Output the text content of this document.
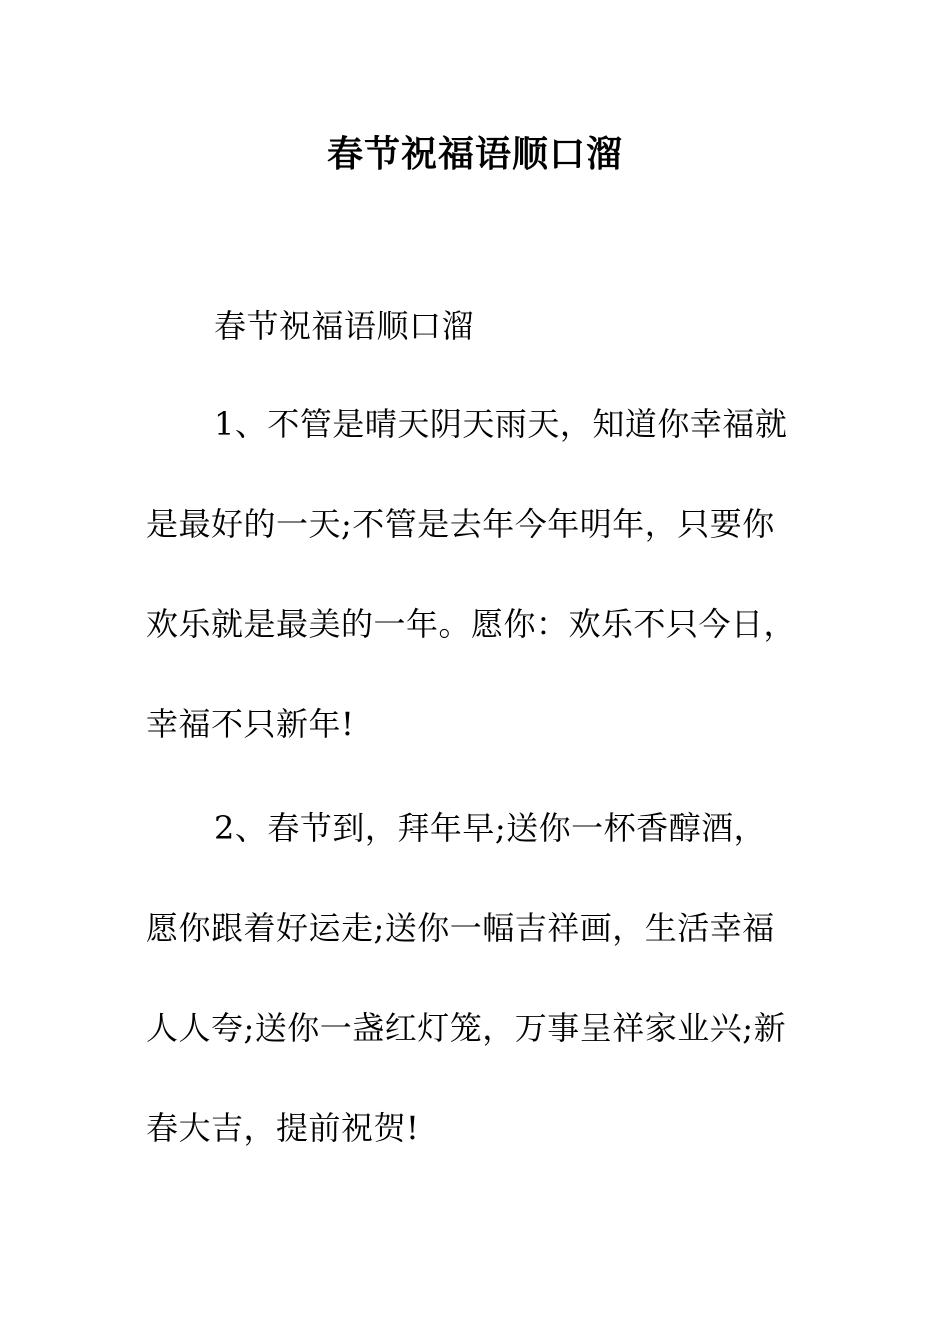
春节祝福语顺口溜

春节祝福语顺口溜

1、不管是晴天阴天雨天，知道你幸福就是最好的一天;不管是去年今年明年，只要你欢乐就是最美的一年。愿你：欢乐不只今日，幸福不只新年!

2、春节到，拜年早;送你一杯香醇酒，愿你跟着好运走;送你一幅吉祥画，生活幸福人人夸;送你一盏红灯笼，万事呈祥家业兴;新春大吉，提前祝贺!
